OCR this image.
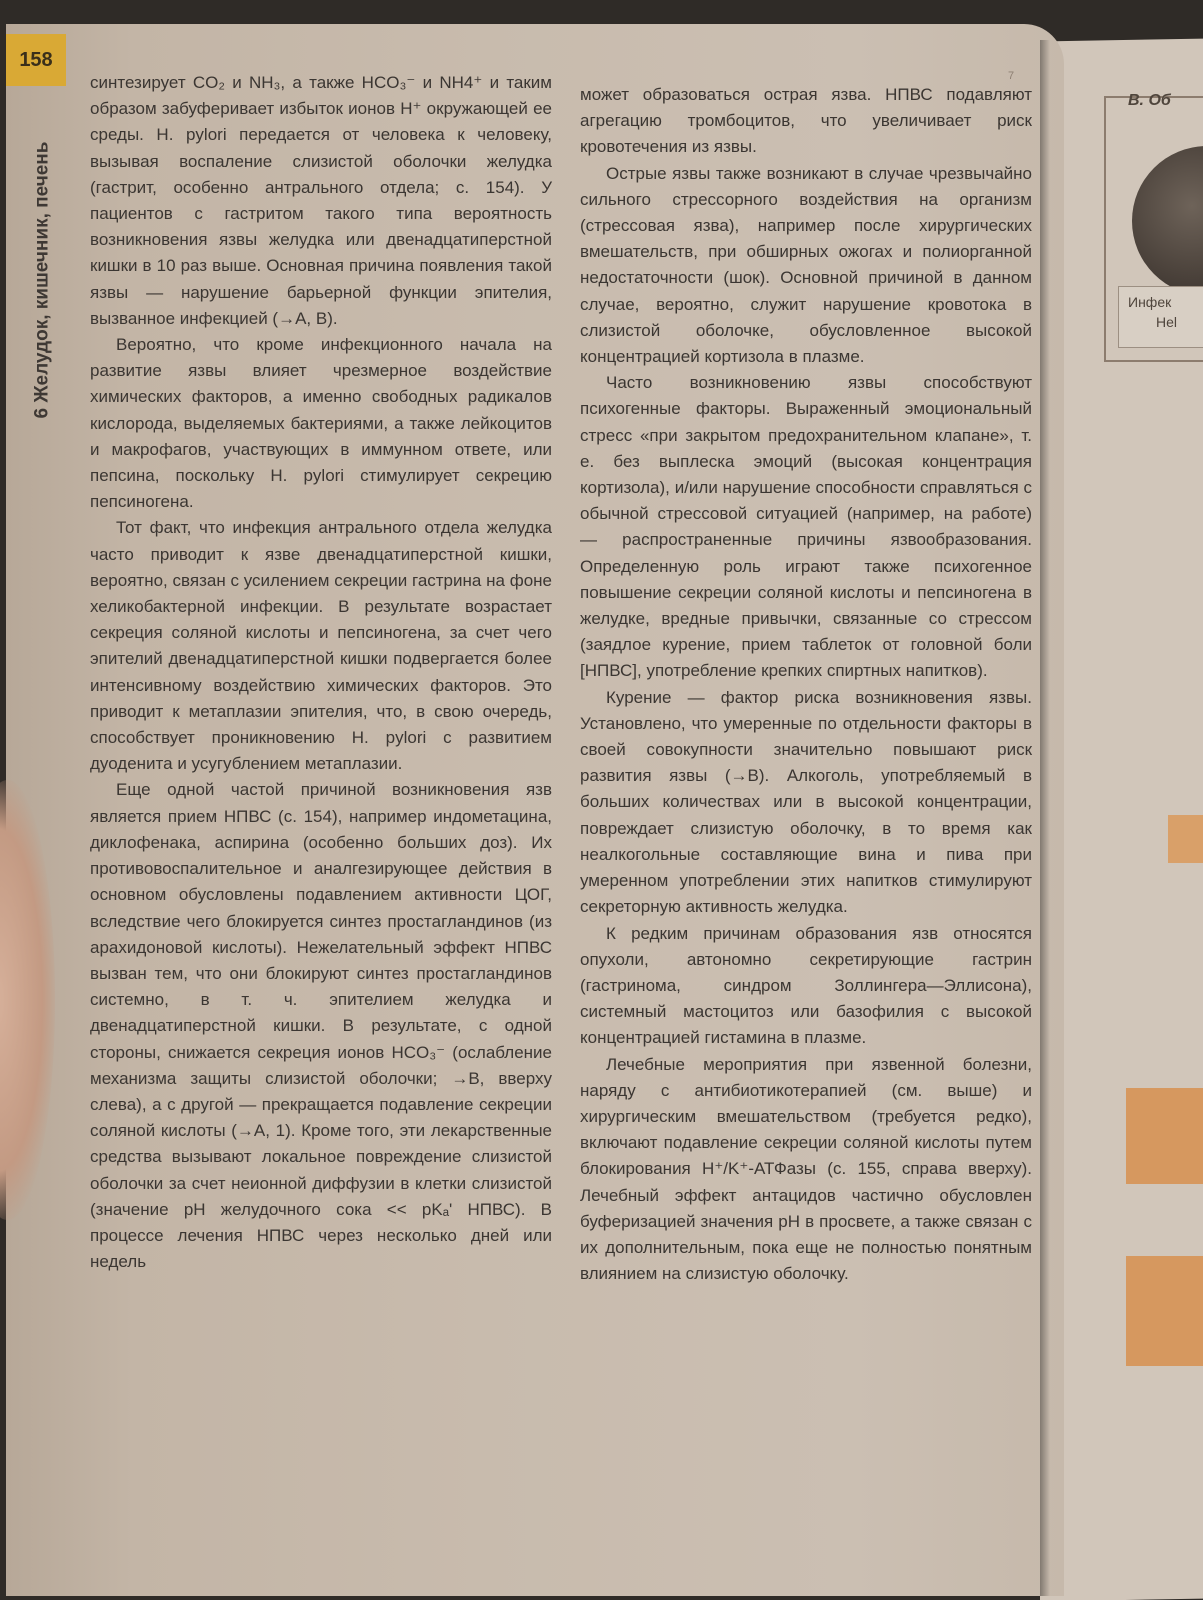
158
6 Желудок, кишечник, печень
7

синтезирует CO₂ и NH₃, а также HCO₃⁻ и NH4⁺ и таким образом забуферивает избыток ионов H⁺ окружающей ее среды. H. pylori передается от человека к человеку, вызывая воспаление слизистой оболочки желудка (гастрит, особенно антрального отдела; с. 154). У пациентов с гастритом такого типа вероятность возникновения язвы желудка или двенадцатиперстной кишки в 10 раз выше. Основная причина появления такой язвы — нарушение барьерной функции эпителия, вызванное инфекцией (→А, В).

Вероятно, что кроме инфекционного начала на развитие язвы влияет чрезмерное воздействие химических факторов, а именно свободных радикалов кислорода, выделяемых бактериями, а также лейкоцитов и макрофагов, участвующих в иммунном ответе, или пепсина, поскольку H. pylori стимулирует секрецию пепсиногена.

Тот факт, что инфекция антрального отдела желудка часто приводит к язве двенадцатиперстной кишки, вероятно, связан с усилением секреции гастрина на фоне хеликобактерной инфекции. В результате возрастает секреция соляной кислоты и пепсиногена, за счет чего эпителий двенадцатиперстной кишки подвергается более интенсивному воздействию химических факторов. Это приводит к метаплазии эпителия, что, в свою очередь, способствует проникновению H. pylori с развитием дуоденита и усугублением метаплазии.

Еще одной частой причиной возникновения язв является прием НПВС (с. 154), например индометацина, диклофенака, аспирина (особенно больших доз). Их противовоспалительное и аналгезирующее действия в основном обусловлены подавлением активности ЦОГ, вследствие чего блокируется синтез простагландинов (из арахидоновой кислоты). Нежелательный эффект НПВС вызван тем, что они блокируют синтез простагландинов системно, в т. ч. эпителием желудка и двенадцатиперстной кишки. В результате, с одной стороны, снижается секреция ионов HCO₃⁻ (ослабление механизма защиты слизистой оболочки; →В, вверху слева), а с другой — прекращается подавление секреции соляной кислоты (→А, 1). Кроме того, эти лекарственные средства вызывают локальное повреждение слизистой оболочки за счет неионной диффузии в клетки слизистой (значение pH желудочного сока << pKₐ' НПВС). В процессе лечения НПВС через несколько дней или недель

может образоваться острая язва. НПВС подавляют агрегацию тромбоцитов, что увеличивает риск кровотечения из язвы.

Острые язвы также возникают в случае чрезвычайно сильного стрессорного воздействия на организм (стрессовая язва), например после хирургических вмешательств, при обширных ожогах и полиорганной недостаточности (шок). Основной причиной в данном случае, вероятно, служит нарушение кровотока в слизистой оболочке, обусловленное высокой концентрацией кортизола в плазме.

Часто возникновению язвы способствуют психогенные факторы. Выраженный эмоциональный стресс «при закрытом предохранительном клапане», т. е. без выплеска эмоций (высокая концентрация кортизола), и/или нарушение способности справляться с обычной стрессовой ситуацией (например, на работе) — распространенные причины язвообразования. Определенную роль играют также психогенное повышение секреции соляной кислоты и пепсиногена в желудке, вредные привычки, связанные со стрессом (заядлое курение, прием таблеток от головной боли [НПВС], употребление крепких спиртных напитков).

Курение — фактор риска возникновения язвы. Установлено, что умеренные по отдельности факторы в своей совокупности значительно повышают риск развития язвы (→В). Алкоголь, употребляемый в больших количествах или в высокой концентрации, повреждает слизистую оболочку, в то время как неалкогольные составляющие вина и пива при умеренном употреблении этих напитков стимулируют секреторную активность желудка.

К редким причинам образования язв относятся опухоли, автономно секретирующие гастрин (гастринома, синдром Золлингера—Эллисона), системный мастоцитоз или базофилия с высокой концентрацией гистамина в плазме.

Лечебные мероприятия при язвенной болезни, наряду с антибиотикотерапией (см. выше) и хирургическим вмешательством (требуется редко), включают подавление секреции соляной кислоты путем блокирования H⁺/K⁺-АТФазы (с. 155, справа вверху). Лечебный эффект антацидов частично обусловлен буферизацией значения pH в просвете, а также связан с их дополнительным, пока еще не полностью понятным влиянием на слизистую оболочку.

В. Об
Инфек
Hel
